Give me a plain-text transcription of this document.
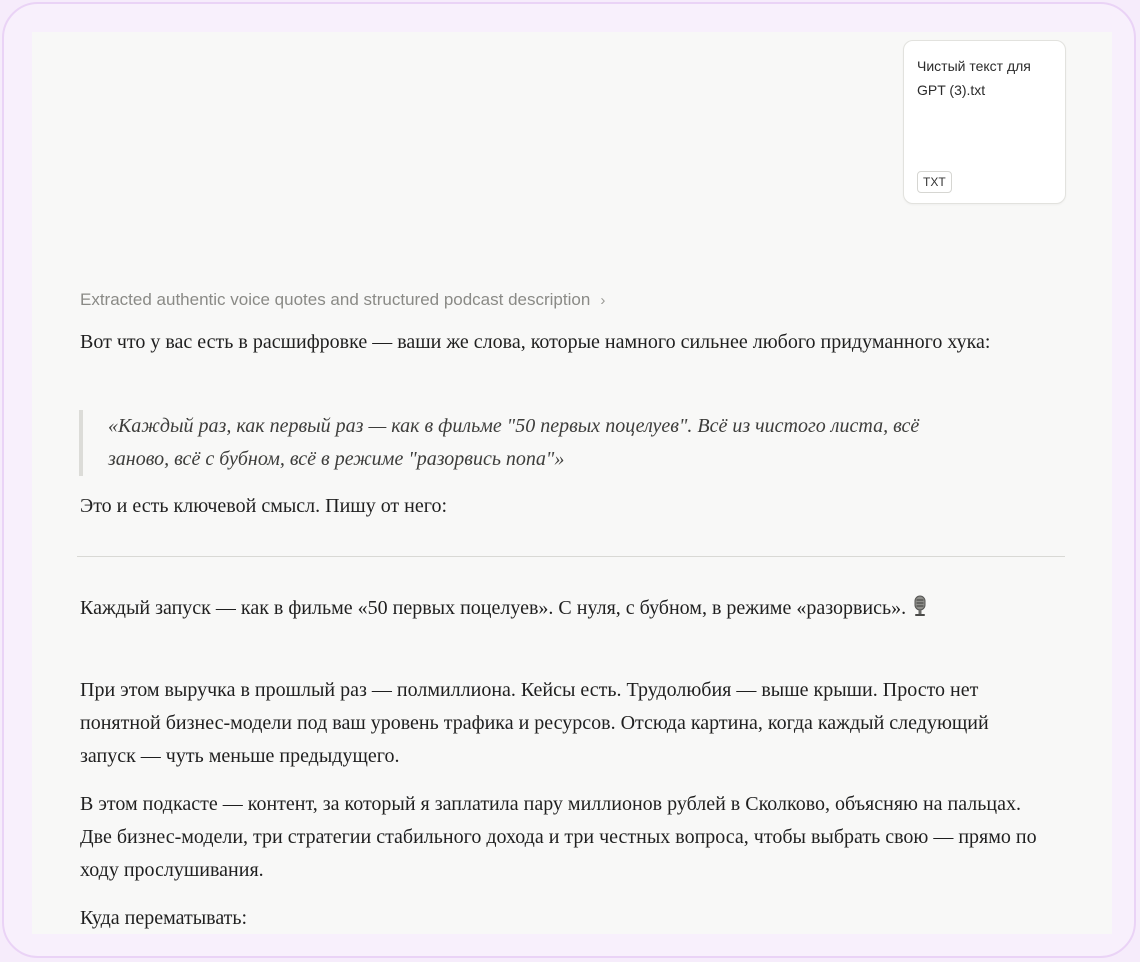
Чистый текст для GPT (3).txt
TXT
Extracted authentic voice quotes and structured podcast description ›

Вот что у вас есть в расшифровке — ваши же слова, которые намного сильнее любого придуманного хука:

«Каждый раз, как первый раз — как в фильме "50 первых поцелуев". Всё из чистого листа, всё заново, всё с бубном, всё в режиме "разорвись попа"»

Это и есть ключевой смысл. Пишу от него:

Каждый запуск — как в фильме «50 первых поцелуев». С нуля, с бубном, в режиме «разорвись».

При этом выручка в прошлый раз — полмиллиона. Кейсы есть. Трудолюбия — выше крыши. Просто нет понятной бизнес-модели под ваш уровень трафика и ресурсов. Отсюда картина, когда каждый следующий запуск — чуть меньше предыдущего.

В этом подкасте — контент, за который я заплатила пару миллионов рублей в Сколково, объясняю на пальцах. Две бизнес-модели, три стратегии стабильного дохода и три честных вопроса, чтобы выбрать свою — прямо по ходу прослушивания.

Куда перематывать:
